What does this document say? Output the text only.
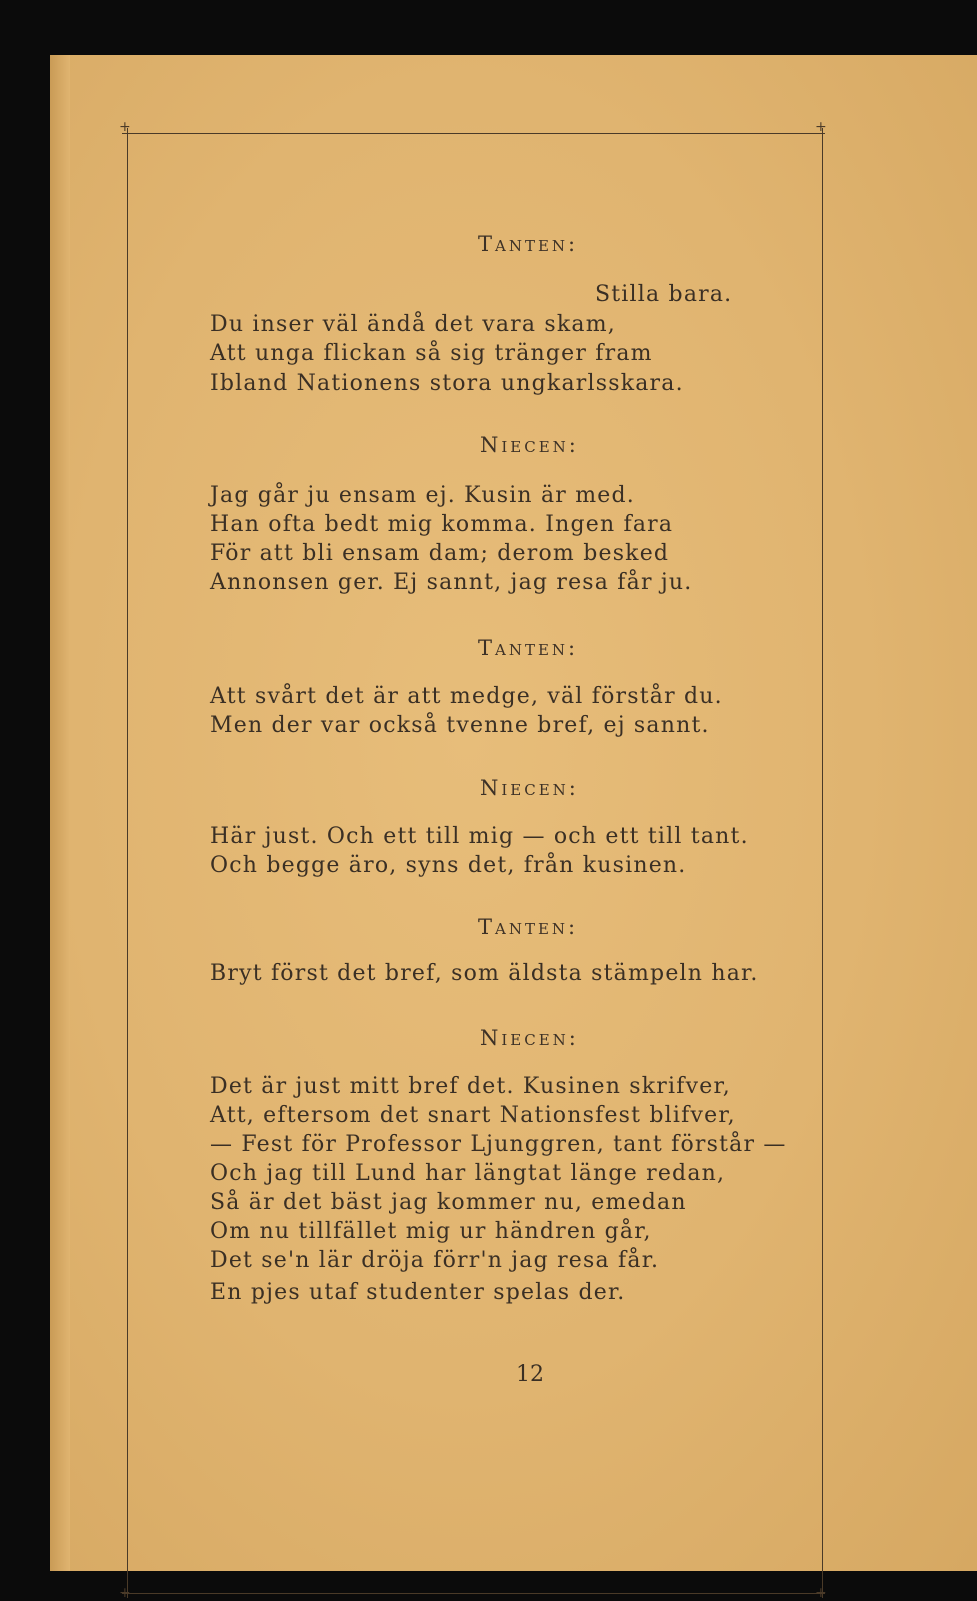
+	+
+	+
Tanten:
Stilla bara.
Du inser väl ändå det vara skam,
Att unga flickan så sig tränger fram
Ibland Nationens stora ungkarlsskara.
Niecen:
Jag går ju ensam ej. Kusin är med.
Han ofta bedt mig komma. Ingen fara
För att bli ensam dam; derom besked
Annonsen ger. Ej sannt, jag resa får ju.
Tanten:
Att svårt det är att medge, väl förstår du.
Men der var också tvenne bref, ej sannt.
Niecen:
Här just. Och ett till mig — och ett till tant.
Och begge äro, syns det, från kusinen.
Tanten:
Bryt först det bref, som äldsta stämpeln har.
Niecen:
Det är just mitt bref det. Kusinen skrifver,
Att, eftersom det snart Nationsfest blifver,
— Fest för Professor Ljunggren, tant förstår —
Och jag till Lund har längtat länge redan,
Så är det bäst jag kommer nu, emedan
Om nu tillfället mig ur händren går,
Det se'n lär dröja förr'n jag resa får.
En pjes utaf studenter spelas der.
12
